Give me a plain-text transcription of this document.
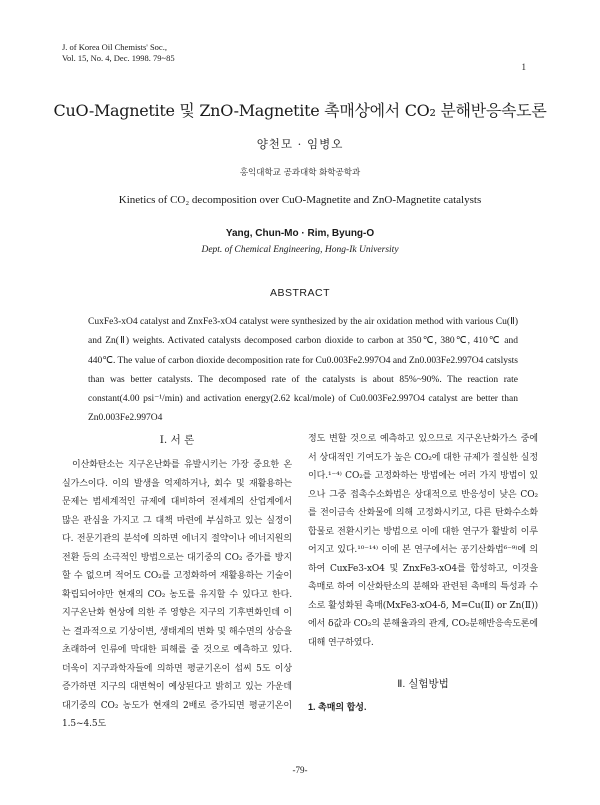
J. of Korea Oil Chemists' Soc.,
Vol. 15, No. 4, Dec. 1998. 79~85
1
CuO-Magnetite 및 ZnO-Magnetite 촉매상에서 CO₂ 분해반응속도론
양천모 · 임병오
홍익대학교 공과대학 화학공학과
Kinetics of CO₂ decomposition over CuO-Magnetite and ZnO-Magnetite catalysts
Yang, Chun-Mo · Rim, Byung-O
Dept. of Chemical Engineering, Hong-Ik University
ABSTRACT
CuxFe3-xO4 catalyst and ZnxFe3-xO4 catalyst were synthesized by the air oxidation method with various Cu(Ⅱ) and Zn(Ⅱ) weights. Activated catalysts decomposed carbon dioxide to carbon at 350℃, 380℃, 410℃ and 440℃. The value of carbon dioxide decomposition rate for Cu0.003Fe2.997O4 and Zn0.003Fe2.997O4 catslysts than was better catalysts. The decomposed rate of the catalysts is about 85%~90%. The reaction rate constant(4.00 psi⁻¹/min) and activation energy(2.62 kcal/mole) of Cu0.003Fe2.997O4 catalyst are better than Zn0.003Fe2.997O4
Ⅰ. 서 론

이산화탄소는 지구온난화를 유발시키는 가장 중요한 온실가스이다. 이의 발생을 억제하거나, 회수 및 재활용하는 문제는 범세계적인 규제에 대비하여 전세계의 산업계에서 많은 관심을 가지고 그 대책 마련에 부심하고 있는 실정이다. 전문기관의 분석에 의하면 에너지 절약이나 에너지원의 전환 등의 소극적인 방법으로는 대기중의 CO₂ 증가를 방지할 수 없으며 적어도 CO₂를 고정화하여 재활용하는 기술이 확립되어야만 현재의 CO₂ 농도를 유지할 수 있다고 한다. 지구온난화 현상에 의한 주 영향은 지구의 기후변화인데 이는 결과적으로 기상이변, 생태계의 변화 및 해수면의 상승을 초래하여 인류에 막대한 피해를 줄 것으로 예측하고 있다. 더욱이 지구과학자들에 의하면 평균기온이 섭씨 5도 이상 증가하면 지구의 대변혁이 예상된다고 밝히고 있는 가운데 대기중의 CO₂ 농도가 현재의 2배로 증가되면 평균기온이 1.5~4.5도

정도 변할 것으로 예측하고 있으므로 지구온난화가스 중에서 상대적인 기여도가 높은 CO₂에 대한 규제가 절실한 실정이다.¹⁻⁴⁾ CO₂를 고정화하는 방법에는 여러 가지 방법이 있으나 그중 접촉수소화법은 상대적으로 반응성이 낮은 CO₂를 전이금속 산화물에 의해 고정화시키고, 다른 탄화수소화합물로 전환시키는 방법으로 이에 대한 연구가 활발히 이루어지고 있다.¹⁰⁻¹⁴⁾ 이에 본 연구에서는 공기산화법⁶⁻⁹⁾에 의하여 CuxFe3-xO4 및 ZnxFe3-xO4를 합성하고, 이것을 촉매로 하여 이산화탄소의 분해와 관련된 촉매의 특성과 수소로 활성화된 촉매(MxFe3-xO4-δ, M=Cu(Ⅱ) or Zn(Ⅱ))에서 δ값과 CO₂의 분해율과의 관계, CO₂분해반응속도론에 대해 연구하였다.

Ⅱ. 실험방법

1. 촉매의 합성.

-79-
